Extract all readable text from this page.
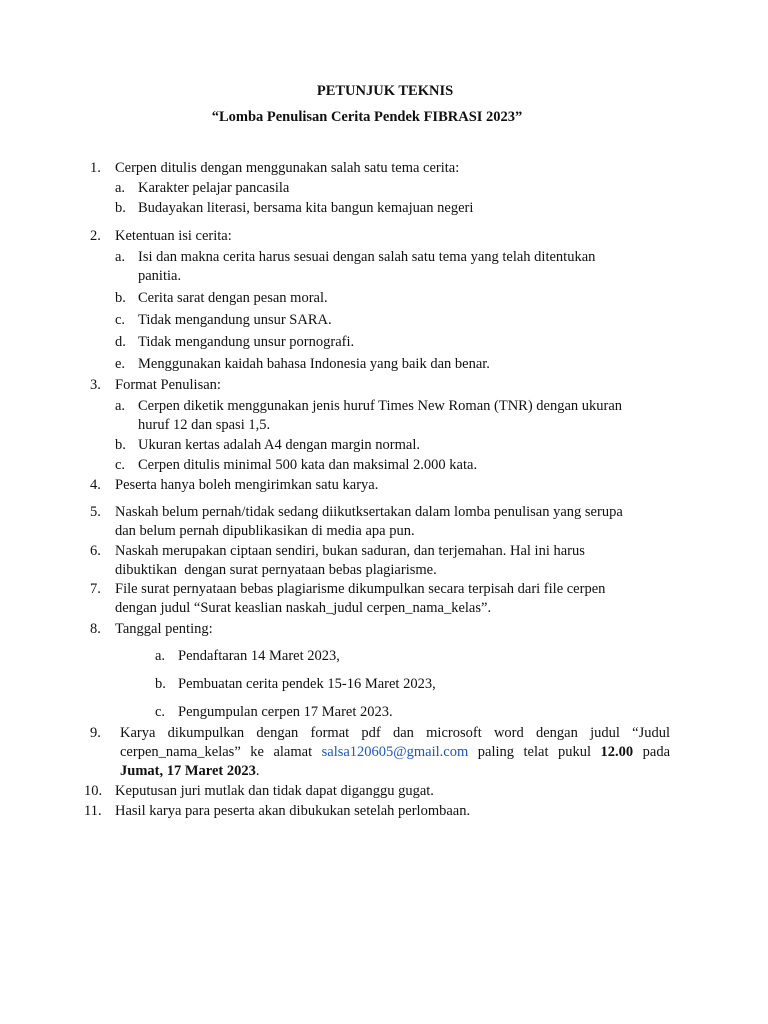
PETUNJUK TEKNIS

“Lomba Penulisan Cerita Pendek FIBRASI 2023”

1. Cerpen ditulis dengan menggunakan salah satu tema cerita:
a. Karakter pelajar pancasila
b. Budayakan literasi, bersama kita bangun kemajuan negeri
2. Ketentuan isi cerita:
a. Isi dan makna cerita harus sesuai dengan salah satu tema yang telah ditentukan
panitia.
b. Cerita sarat dengan pesan moral.
c. Tidak mengandung unsur SARA.
d. Tidak mengandung unsur pornografi.
e. Menggunakan kaidah bahasa Indonesia yang baik dan benar.
3. Format Penulisan:
a. Cerpen diketik menggunakan jenis huruf Times New Roman (TNR) dengan ukuran
huruf 12 dan spasi 1,5.
b. Ukuran kertas adalah A4 dengan margin normal.
c. Cerpen ditulis minimal 500 kata dan maksimal 2.000 kata.
4. Peserta hanya boleh mengirimkan satu karya.
5. Naskah belum pernah/tidak sedang diikutksertakan dalam lomba penulisan yang serupa
dan belum pernah dipublikasikan di media apa pun.
6. Naskah merupakan ciptaan sendiri, bukan saduran, dan terjemahan. Hal ini harus
dibuktikan  dengan surat pernyataan bebas plagiarisme.
7. File surat pernyataan bebas plagiarisme dikumpulkan secara terpisah dari file cerpen
dengan judul “Surat keaslian naskah_judul cerpen_nama_kelas”.
8. Tanggal penting:
a. Pendaftaran 14 Maret 2023,
b. Pembuatan cerita pendek 15-16 Maret 2023,
c. Pengumpulan cerpen 17 Maret 2023.
9. Karya dikumpulkan dengan format pdf dan microsoft word dengan judul “Judul
cerpen_nama_kelas” ke alamat salsa120605@gmail.com paling telat pukul 12.00 pada
Jumat, 17 Maret 2023.
10. Keputusan juri mutlak dan tidak dapat diganggu gugat.
11. Hasil karya para peserta akan dibukukan setelah perlombaan.
